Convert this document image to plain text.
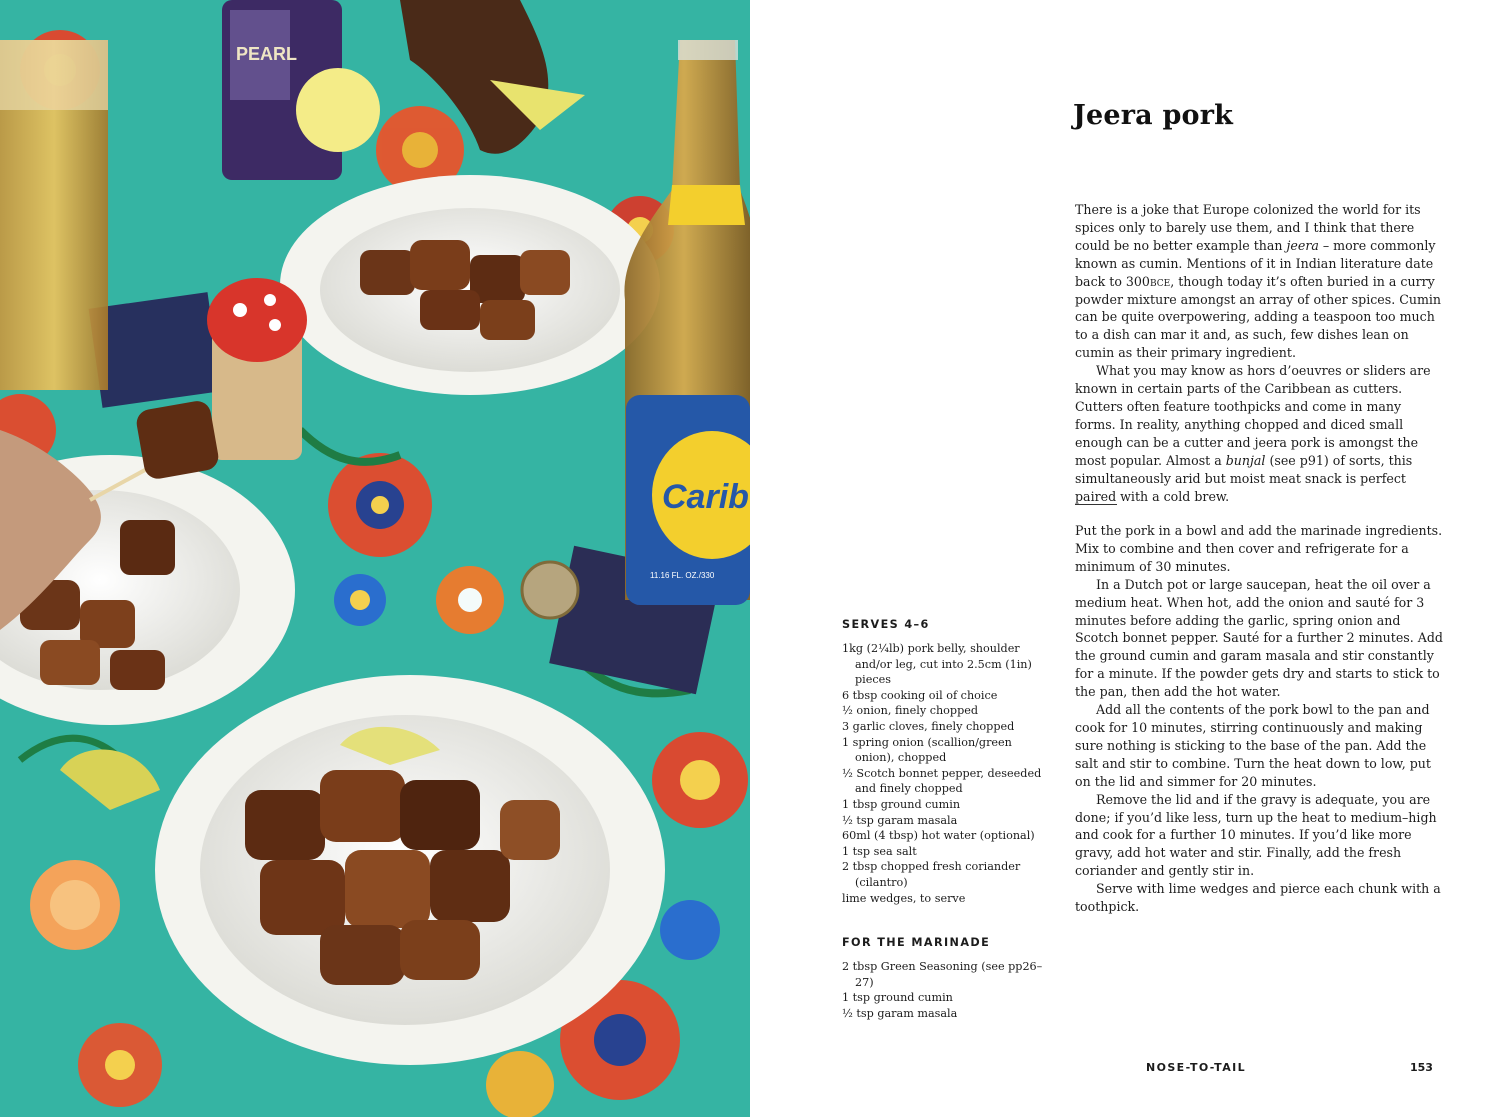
PEARL
Carib
11.16 FL. OZ./330
Jeera pork

There is a joke that Europe colonized the world for its spices only to barely use them, and I think that there could be no better example than jeera – more commonly known as cumin. Mentions of it in Indian literature date back to 300bce, though today it’s often buried in a curry powder mixture amongst an array of other spices. Cumin can be quite overpowering, adding a teaspoon too much to a dish can mar it and, as such, few dishes lean on cumin as their primary ingredient.

What you may know as hors d’oeuvres or sliders are known in certain parts of the Caribbean as cutters. Cutters often feature toothpicks and come in many forms. In reality, anything chopped and diced small enough can be a cutter and jeera pork is amongst the most popular. Almost a bunjal (see p91) of sorts, this simultaneously arid but moist meat snack is perfect paired with a cold brew.

Put the pork in a bowl and add the marinade ingredients. Mix to combine and then cover and refrigerate for a minimum of 30 minutes.

In a Dutch pot or large saucepan, heat the oil over a medium heat. When hot, add the onion and sauté for 3 minutes before adding the garlic, spring onion and Scotch bonnet pepper. Sauté for a further 2 minutes. Add the ground cumin and garam masala and stir constantly for a minute. If the powder gets dry and starts to stick to the pan, then add the hot water.

Add all the contents of the pork bowl to the pan and cook for 10 minutes, stirring continuously and making sure nothing is sticking to the base of the pan. Add the salt and stir to combine. Turn the heat down to low, put on the lid and simmer for 20 minutes.

Remove the lid and if the gravy is adequate, you are done; if you’d like less, turn up the heat to medium–high and cook for a further 10 minutes. If you’d like more gravy, add hot water and stir. Finally, add the fresh coriander and gently stir in.

Serve with lime wedges and pierce each chunk with a toothpick.

SERVES 4–6
1kg (2¼lb) pork belly, shoulder and/or leg, cut into 2.5cm (1in) pieces
6 tbsp cooking oil of choice
½ onion, finely chopped
3 garlic cloves, finely chopped
1 spring onion (scallion/green onion), chopped
½ Scotch bonnet pepper, deseeded and finely chopped
1 tbsp ground cumin
½ tsp garam masala
60ml (4 tbsp) hot water (optional)
1 tsp sea salt
2 tbsp chopped fresh coriander (cilantro)
lime wedges, to serve
FOR THE MARINADE
2 tbsp Green Seasoning (see pp26–27)
1 tsp ground cumin
½ tsp garam masala
NOSE-TO-TAIL	153
